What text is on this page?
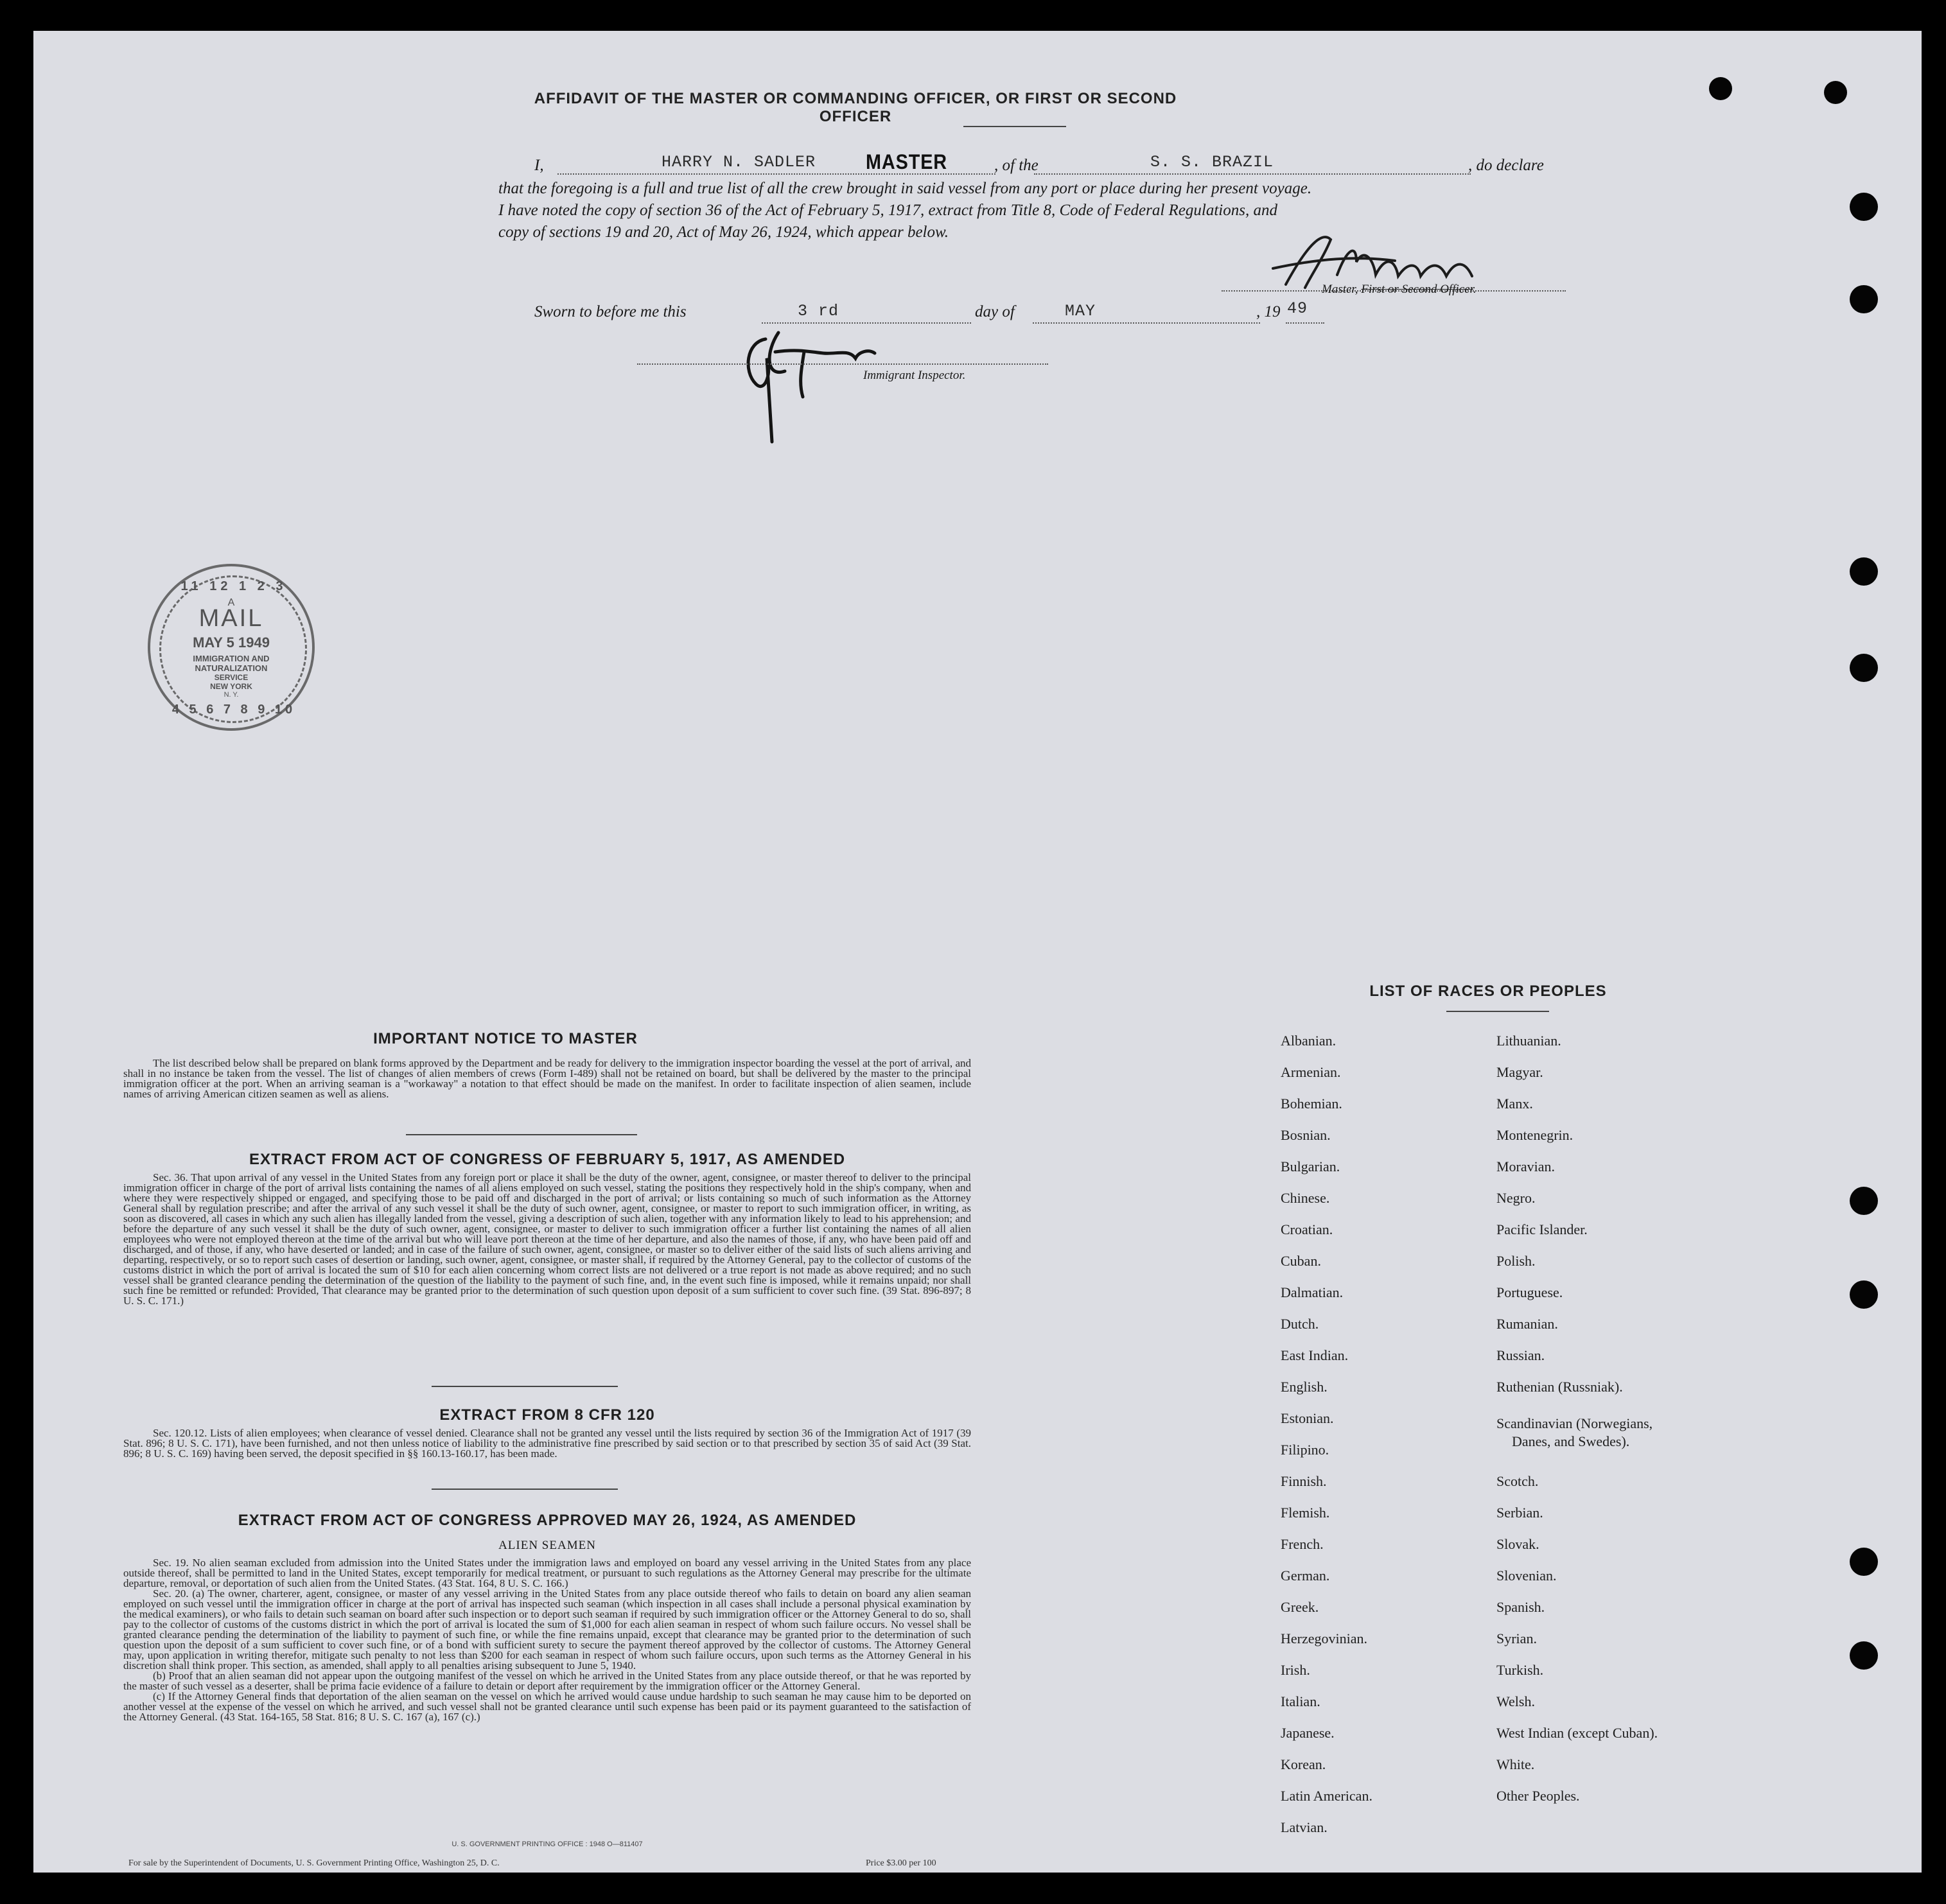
AFFIDAVIT OF THE MASTER OR COMMANDING OFFICER, OR FIRST OR SECOND OFFICER
I,	HARRY N. SADLER MASTER	, of the	S. S. BRAZIL	, do declare
that the foregoing is a full and true list of all the crew brought in said vessel from any port or place during her present voyage.
I have noted the copy of section 36 of the Act of February 5, 1917, extract from Title 8, Code of Federal Regulations, and
copy of sections 19 and 20, Act of May 26, 1924, which appear below.
Master, First or Second Officer.
Sworn to before me this	3 rd	day of	MAY	, 19 49
Immigrant Inspector.
11 12 1 2 3
4 5 6 7 8 9 10
A
MAIL
MAY 5 1949
IMMIGRATION AND
NATURALIZATION
SERVICE
NEW YORK
N. Y.
IMPORTANT NOTICE TO MASTER
The list described below shall be prepared on blank forms approved by the Department and be ready for delivery to the immigration inspector boarding the vessel at the port of arrival, and shall in no instance be taken from the vessel. The list of changes of alien members of crews (Form I-489) shall not be retained on board, but shall be delivered by the master to the principal immigration officer at the port. When an arriving seaman is a "workaway" a notation to that effect should be made on the manifest. In order to facilitate inspection of alien seamen, include names of arriving American citizen seamen as well as aliens.
EXTRACT FROM ACT OF CONGRESS OF FEBRUARY 5, 1917, AS AMENDED
Sec. 36. That upon arrival of any vessel in the United States from any foreign port or place it shall be the duty of the owner, agent, consignee, or master thereof to deliver to the principal immigration officer in charge of the port of arrival lists containing the names of all aliens employed on such vessel, stating the positions they respectively hold in the ship's company, when and where they were respectively shipped or engaged, and specifying those to be paid off and discharged in the port of arrival; or lists containing so much of such information as the Attorney General shall by regulation prescribe; and after the arrival of any such vessel it shall be the duty of such owner, agent, consignee, or master to report to such immigration officer, in writing, as soon as discovered, all cases in which any such alien has illegally landed from the vessel, giving a description of such alien, together with any information likely to lead to his apprehension; and before the departure of any such vessel it shall be the duty of such owner, agent, consignee, or master to deliver to such immigration officer a further list containing the names of all alien employees who were not employed thereon at the time of the arrival but who will leave port thereon at the time of her departure, and also the names of those, if any, who have been paid off and discharged, and of those, if any, who have deserted or landed; and in case of the failure of such owner, agent, consignee, or master so to deliver either of the said lists of such aliens arriving and departing, respectively, or so to report such cases of desertion or landing, such owner, agent, consignee, or master shall, if required by the Attorney General, pay to the collector of customs of the customs district in which the port of arrival is located the sum of $10 for each alien concerning whom correct lists are not delivered or a true report is not made as above required; and no such vessel shall be granted clearance pending the determination of the question of the liability to the payment of such fine, and, in the event such fine is imposed, while it remains unpaid; nor shall such fine be remitted or refunded: Provided, That clearance may be granted prior to the determination of such question upon deposit of a sum sufficient to cover such fine. (39 Stat. 896-897; 8 U. S. C. 171.)
EXTRACT FROM 8 CFR 120
Sec. 120.12. Lists of alien employees; when clearance of vessel denied. Clearance shall not be granted any vessel until the lists required by section 36 of the Immigration Act of 1917 (39 Stat. 896; 8 U. S. C. 171), have been furnished, and not then unless notice of liability to the administrative fine prescribed by said section or to that prescribed by section 35 of said Act (39 Stat. 896; 8 U. S. C. 169) having been served, the deposit specified in §§ 160.13-160.17, has been made.
EXTRACT FROM ACT OF CONGRESS APPROVED MAY 26, 1924, AS AMENDED
ALIEN SEAMEN
Sec. 19. No alien seaman excluded from admission into the United States under the immigration laws and employed on board any vessel arriving in the United States from any place outside thereof, shall be permitted to land in the United States, except temporarily for medical treatment, or pursuant to such regulations as the Attorney General may prescribe for the ultimate departure, removal, or deportation of such alien from the United States. (43 Stat. 164, 8 U. S. C. 166.)
Sec. 20. (a) The owner, charterer, agent, consignee, or master of any vessel arriving in the United States from any place outside thereof who fails to detain on board any alien seaman employed on such vessel until the immigration officer in charge at the port of arrival has inspected such seaman (which inspection in all cases shall include a personal physical examination by the medical examiners), or who fails to detain such seaman on board after such inspection or to deport such seaman if required by such immigration officer or the Attorney General to do so, shall pay to the collector of customs of the customs district in which the port of arrival is located the sum of $1,000 for each alien seaman in respect of whom such failure occurs. No vessel shall be granted clearance pending the determination of the liability to payment of such fine, or while the fine remains unpaid, except that clearance may be granted prior to the determination of such question upon the deposit of a sum sufficient to cover such fine, or of a bond with sufficient surety to secure the payment thereof approved by the collector of customs. The Attorney General may, upon application in writing therefor, mitigate such penalty to not less than $200 for each seaman in respect of whom such failure occurs, upon such terms as the Attorney General in his discretion shall think proper. This section, as amended, shall apply to all penalties arising subsequent to June 5, 1940.
(b) Proof that an alien seaman did not appear upon the outgoing manifest of the vessel on which he arrived in the United States from any place outside thereof, or that he was reported by the master of such vessel as a deserter, shall be prima facie evidence of a failure to detain or deport after requirement by the immigration officer or the Attorney General.
(c) If the Attorney General finds that deportation of the alien seaman on the vessel on which he arrived would cause undue hardship to such seaman he may cause him to be deported on another vessel at the expense of the vessel on which he arrived, and such vessel shall not be granted clearance until such expense has been paid or its payment guaranteed to the satisfaction of the Attorney General. (43 Stat. 164-165, 58 Stat. 816; 8 U. S. C. 167 (a), 167 (c).)
U. S. GOVERNMENT PRINTING OFFICE : 1948 O—811407
For sale by the Superintendent of Documents, U. S. Government Printing Office, Washington 25, D. C.	Price $3.00 per 100
LIST OF RACES OR PEOPLES
Albanian.
Armenian.
Bohemian.
Bosnian.
Bulgarian.
Chinese.
Croatian.
Cuban.
Dalmatian.
Dutch.
East Indian.
English.
Estonian.
Filipino.
Finnish.
Flemish.
French.
German.
Greek.
Herzegovinian.
Irish.
Italian.
Japanese.
Korean.
Latin American.
Latvian.
Lithuanian.
Magyar.
Manx.
Montenegrin.
Moravian.
Negro.
Pacific Islander.
Polish.
Portuguese.
Rumanian.
Russian.
Ruthenian (Russniak).
Scandinavian (Norwegians,
Danes, and Swedes).
Scotch.
Serbian.
Slovak.
Slovenian.
Spanish.
Syrian.
Turkish.
Welsh.
West Indian (except Cuban).
White.
Other Peoples.
